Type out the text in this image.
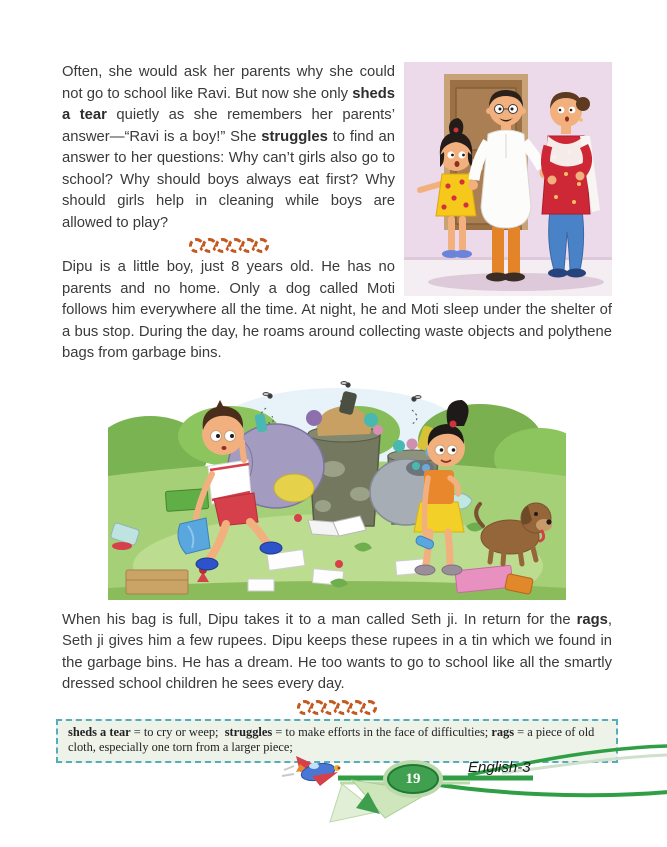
Often, she would ask her parents why she could not go to school like Ravi. But now she only sheds a tear quietly as she remembers her parents’ answer—“Ravi is a boy!” She struggles to find an answer to her questions: Why can’t girls also go to school? Why should boys always eat first? Why should girls help in cleaning while boys are allowed to play?

Dipu is a little boy, just 8 years old. He has no parents and no home. Only a dog called Moti follows him everywhere all the time. At night, he and Moti sleep under the shelter of a bus stop. During the day, he roams around collecting waste objects and polythene bags from garbage bins.

When his bag is full, Dipu takes it to a man called Seth ji. In return for the rags, Seth ji gives him a few rupees. Dipu keeps these rupees in a tin which we found in the garbage bins. He has a dream. He too wants to go to school like all the smartly dressed school children he sees every day.

sheds a tear = to cry or weep;  struggles = to make efforts in the face of difficulties; rags = a piece of old cloth, especially one torn from a larger piece;
19
English-3
